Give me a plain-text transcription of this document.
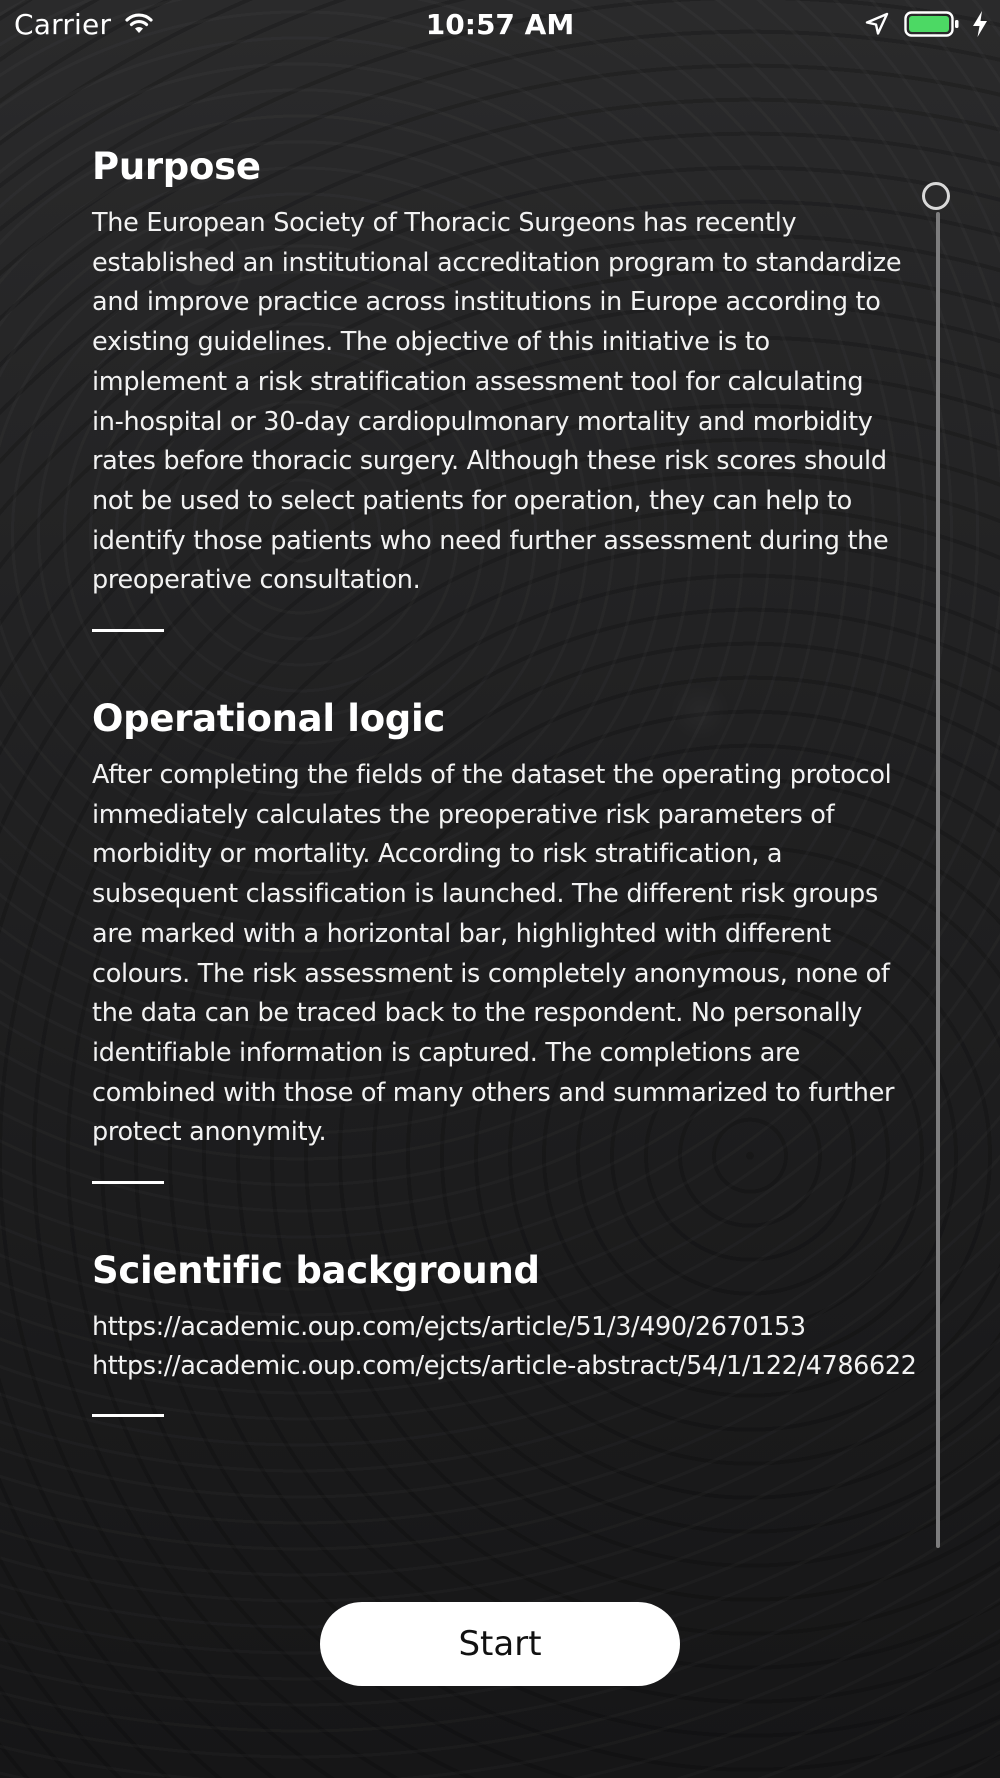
Carrier	10:57 AM
Purpose

The European Society of Thoracic Surgeons has recently established an institutional accreditation program to standardize and improve practice across institutions in Europe according to existing guidelines. The objective of this initiative is to implement a risk stratification assessment tool for calculating in-hospital or 30-day cardiopulmonary mortality and morbidity rates before thoracic surgery. Although these risk scores should not be used to select patients for operation, they can help to identify those patients who need further assessment during the preoperative consultation.

Operational logic

After completing the fields of the dataset the operating protocol immediately calculates the preoperative risk parameters of morbidity or mortality. According to risk stratification, a subsequent classification is launched. The different risk groups are marked with a horizontal bar, highlighted with different colours. The risk assessment is completely anonymous, none of the data can be traced back to the respondent. No personally identifiable information is captured. The completions are combined with those of many others and summarized to further protect anonymity.

Scientific background
https://academic.oup.com/ejcts/article/51/3/490/2670153
https://academic.oup.com/ejcts/article-abstract/54/1/122/4786622
Start
